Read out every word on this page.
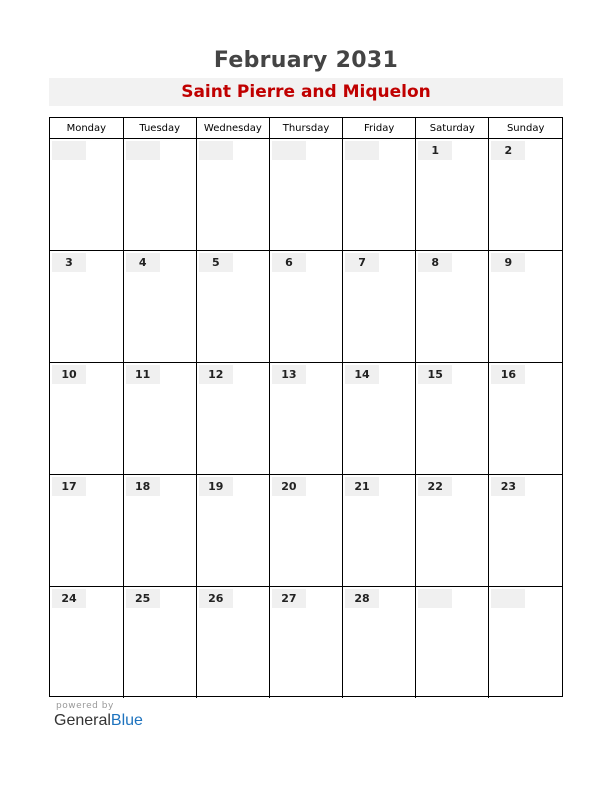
February 2031
Saint Pierre and Miquelon
Monday	Tuesday	Wednesday	Thursday	Friday	Saturday	Sunday

					1	2

3	4	5	6	7	8	9

10	11	12	13	14	15	16

17	18	19	20	21	22	23

24	25	26	27	28		

powered by
GeneralBlue
